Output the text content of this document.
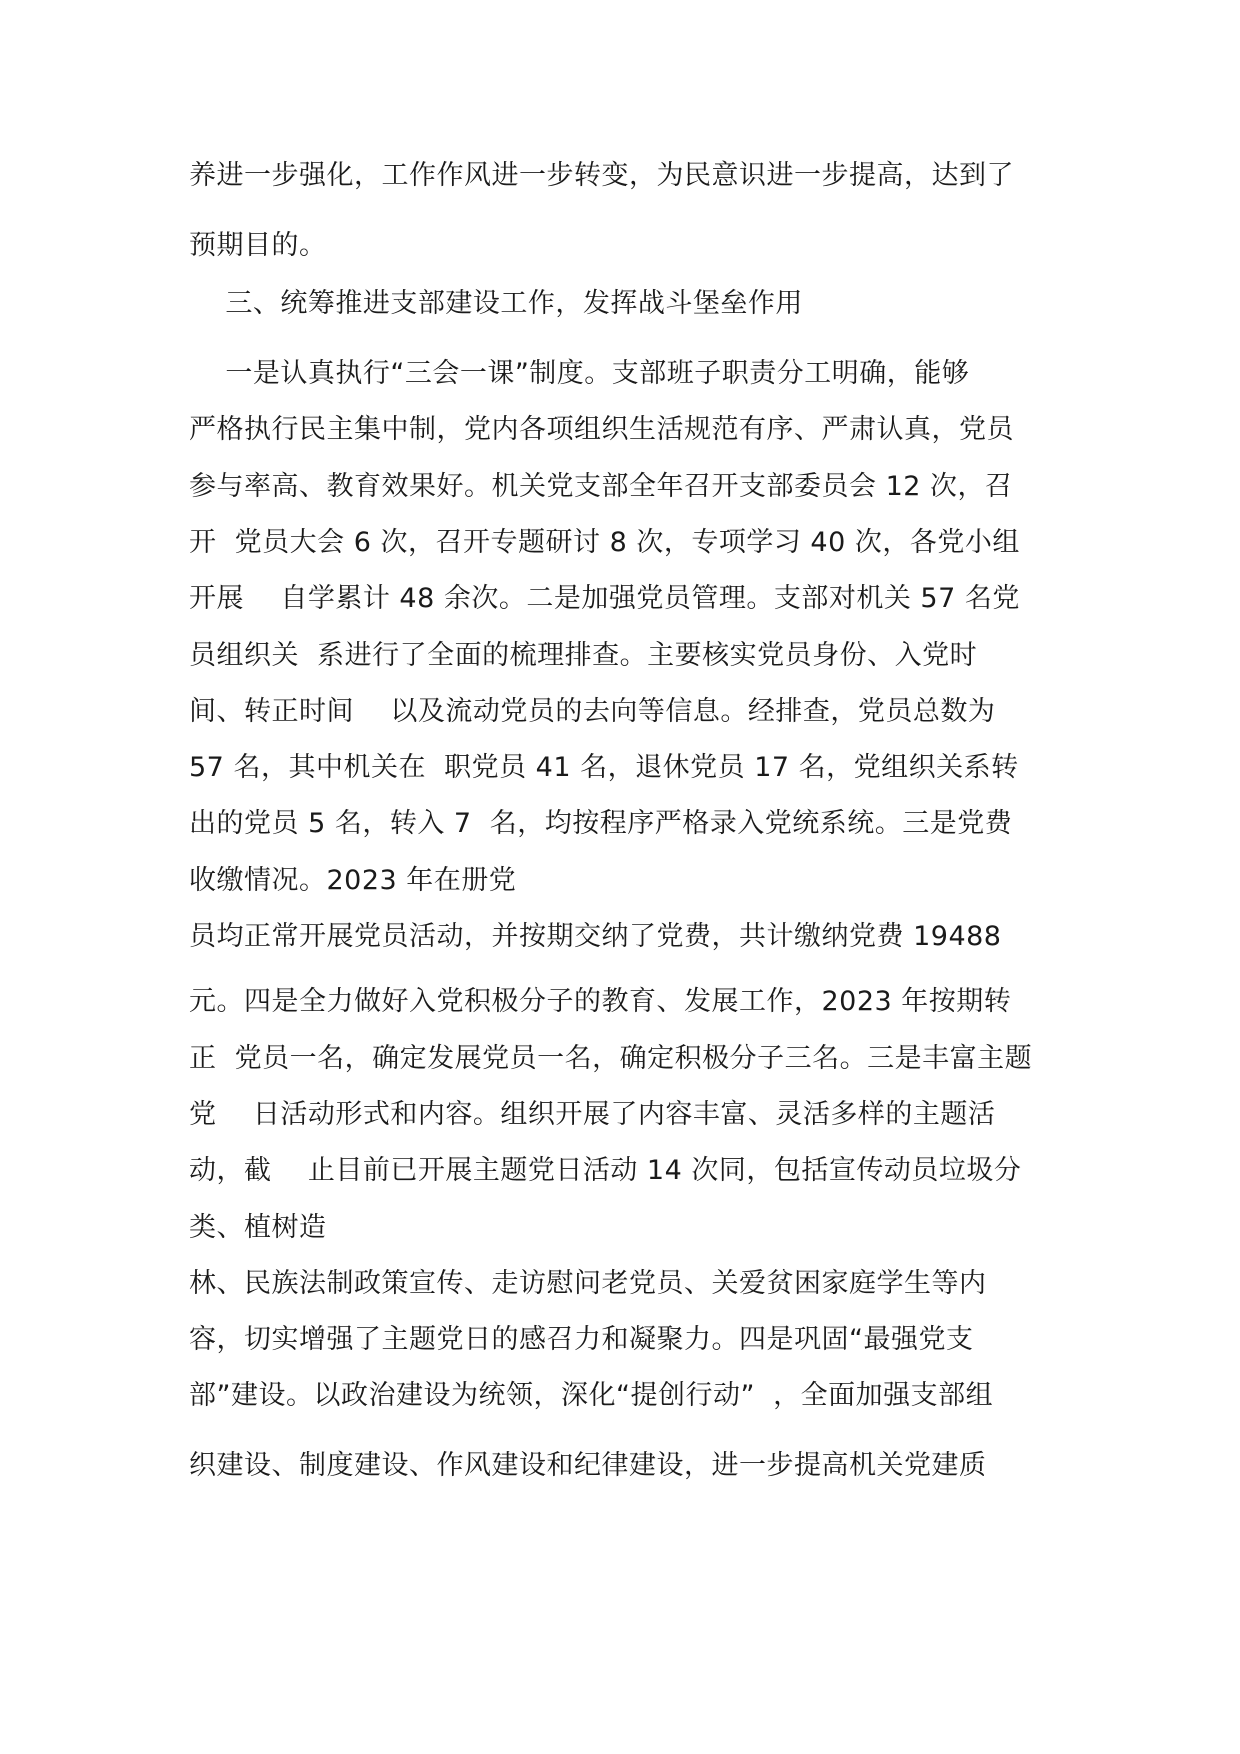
养进一步强化，工作作风进一步转变，为民意识进一步提高，达到了
预期目的。
三、统筹推进支部建设工作，发挥战斗堡垒作用
一是认真执行“三会一课”制度。支部班子职责分工明确，能够
严格执行民主集中制，党内各项组织生活规范有序、严肃认真，党员
参与率高、教育效果好。机关党支部全年召开支部委员会 12 次，召
开  党员大会 6 次，召开专题研讨 8 次，专项学习 40 次，各党小组
开展    自学累计 48 余次。二是加强党员管理。支部对机关 57 名党
员组织关  系进行了全面的梳理排查。主要核实党员身份、入党时
间、转正时间    以及流动党员的去向等信息。经排查，党员总数为
57 名，其中机关在  职党员 41 名，退休党员 17 名，党组织关系转
出的党员 5 名，转入 7  名，均按程序严格录入党统系统。三是党费
收缴情况。2023 年在册党
员均正常开展党员活动，并按期交纳了党费，共计缴纳党费 19488
元。四是全力做好入党积极分子的教育、发展工作，2023 年按期转
正  党员一名，确定发展党员一名，确定积极分子三名。三是丰富主题
党    日活动形式和内容。组织开展了内容丰富、灵活多样的主题活
动，截    止目前已开展主题党日活动 14 次同，包括宣传动员垃圾分
类、植树造
林、民族法制政策宣传、走访慰问老党员、关爱贫困家庭学生等内
容，切实增强了主题党日的感召力和凝聚力。四是巩固“最强党支
部”建设。以政治建设为统领，深化“提创行动”  ，全面加强支部组
织建设、制度建设、作风建设和纪律建设，进一步提高机关党建质
